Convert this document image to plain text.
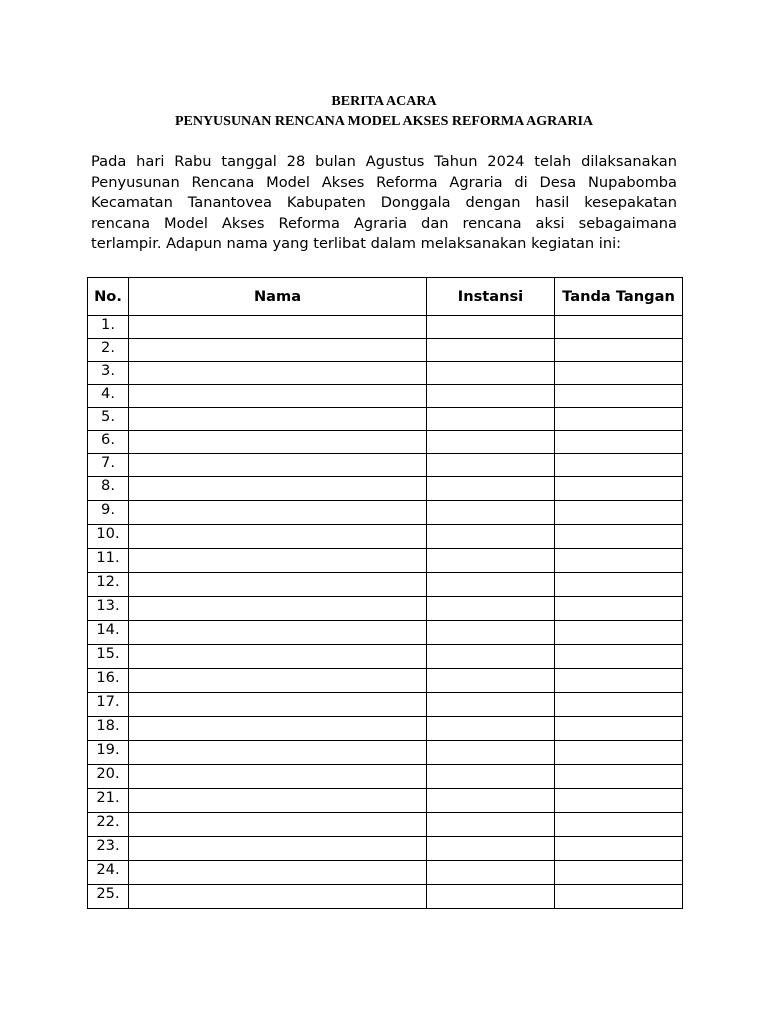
BERITA ACARA
PENYUSUNAN RENCANA MODEL AKSES REFORMA AGRARIA

Pada hari Rabu tanggal 28 bulan Agustus Tahun 2024 telah dilaksanakan Penyusunan Rencana Model Akses Reforma Agraria di Desa Nupabomba Kecamatan Tanantovea Kabupaten Donggala dengan hasil kesepakatan rencana Model Akses Reforma Agraria dan rencana aksi sebagaimana terlampir. Adapun nama yang terlibat dalam melaksanakan kegiatan ini:

No.	Nama	Instansi	Tanda Tangan
1.			
2.			
3.			
4.			
5.			
6.			
7.			
8.			
9.			
10.			
11.			
12.			
13.			
14.			
15.			
16.			
17.			
18.			
19.			
20.			
21.			
22.			
23.			
24.			
25.			
